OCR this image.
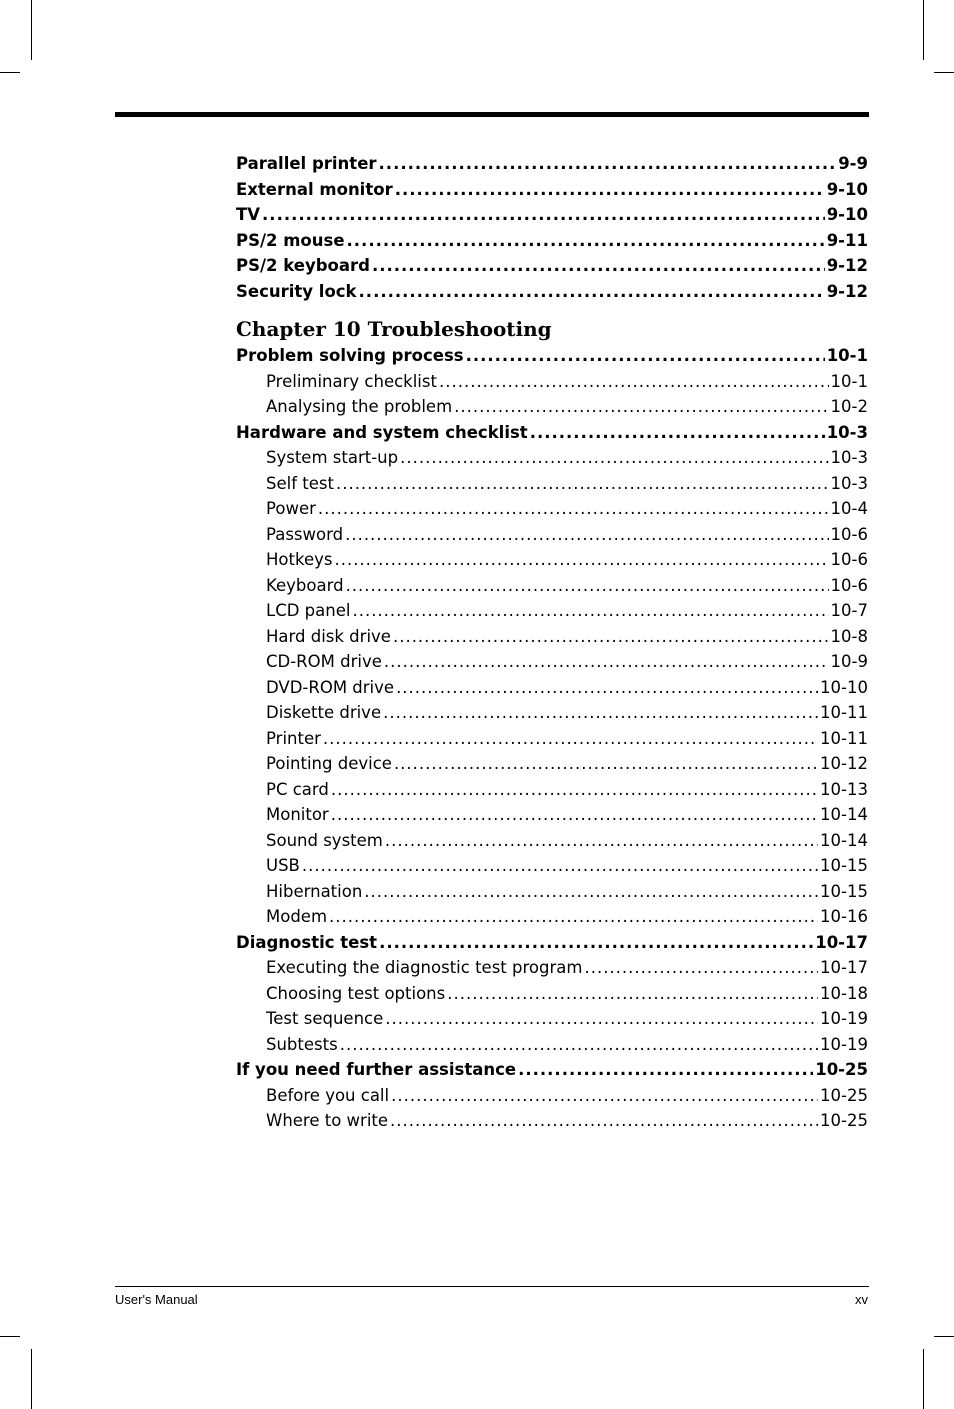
Parallel printer .....	9-9
External monitor .....	9-10
TV .....	9-10
PS/2 mouse .....	9-11
PS/2 keyboard .....	9-12
Security lock .....	9-12
Chapter 10 Troubleshooting
Problem solving process .....	10-1
Preliminary checklist .....	10-1
Analysing the problem .....	10-2
Hardware and system checklist .....	10-3
System start-up .....	10-3
Self test .....	10-3
Power .....	10-4
Password .....	10-6
Hotkeys .....	10-6
Keyboard .....	10-6
LCD panel .....	10-7
Hard disk drive .....	10-8
CD-ROM drive .....	10-9
DVD-ROM drive .....	10-10
Diskette drive .....	10-11
Printer .....	10-11
Pointing device .....	10-12
PC card .....	10-13
Monitor .....	10-14
Sound system .....	10-14
USB .....	10-15
Hibernation .....	10-15
Modem .....	10-16
Diagnostic test .....	10-17
Executing the diagnostic test program .....	10-17
Choosing test options .....	10-18
Test sequence .....	10-19
Subtests .....	10-19
If you need further assistance .....	10-25
Before you call .....	10-25
Where to write .....	10-25
User's Manual	xv
